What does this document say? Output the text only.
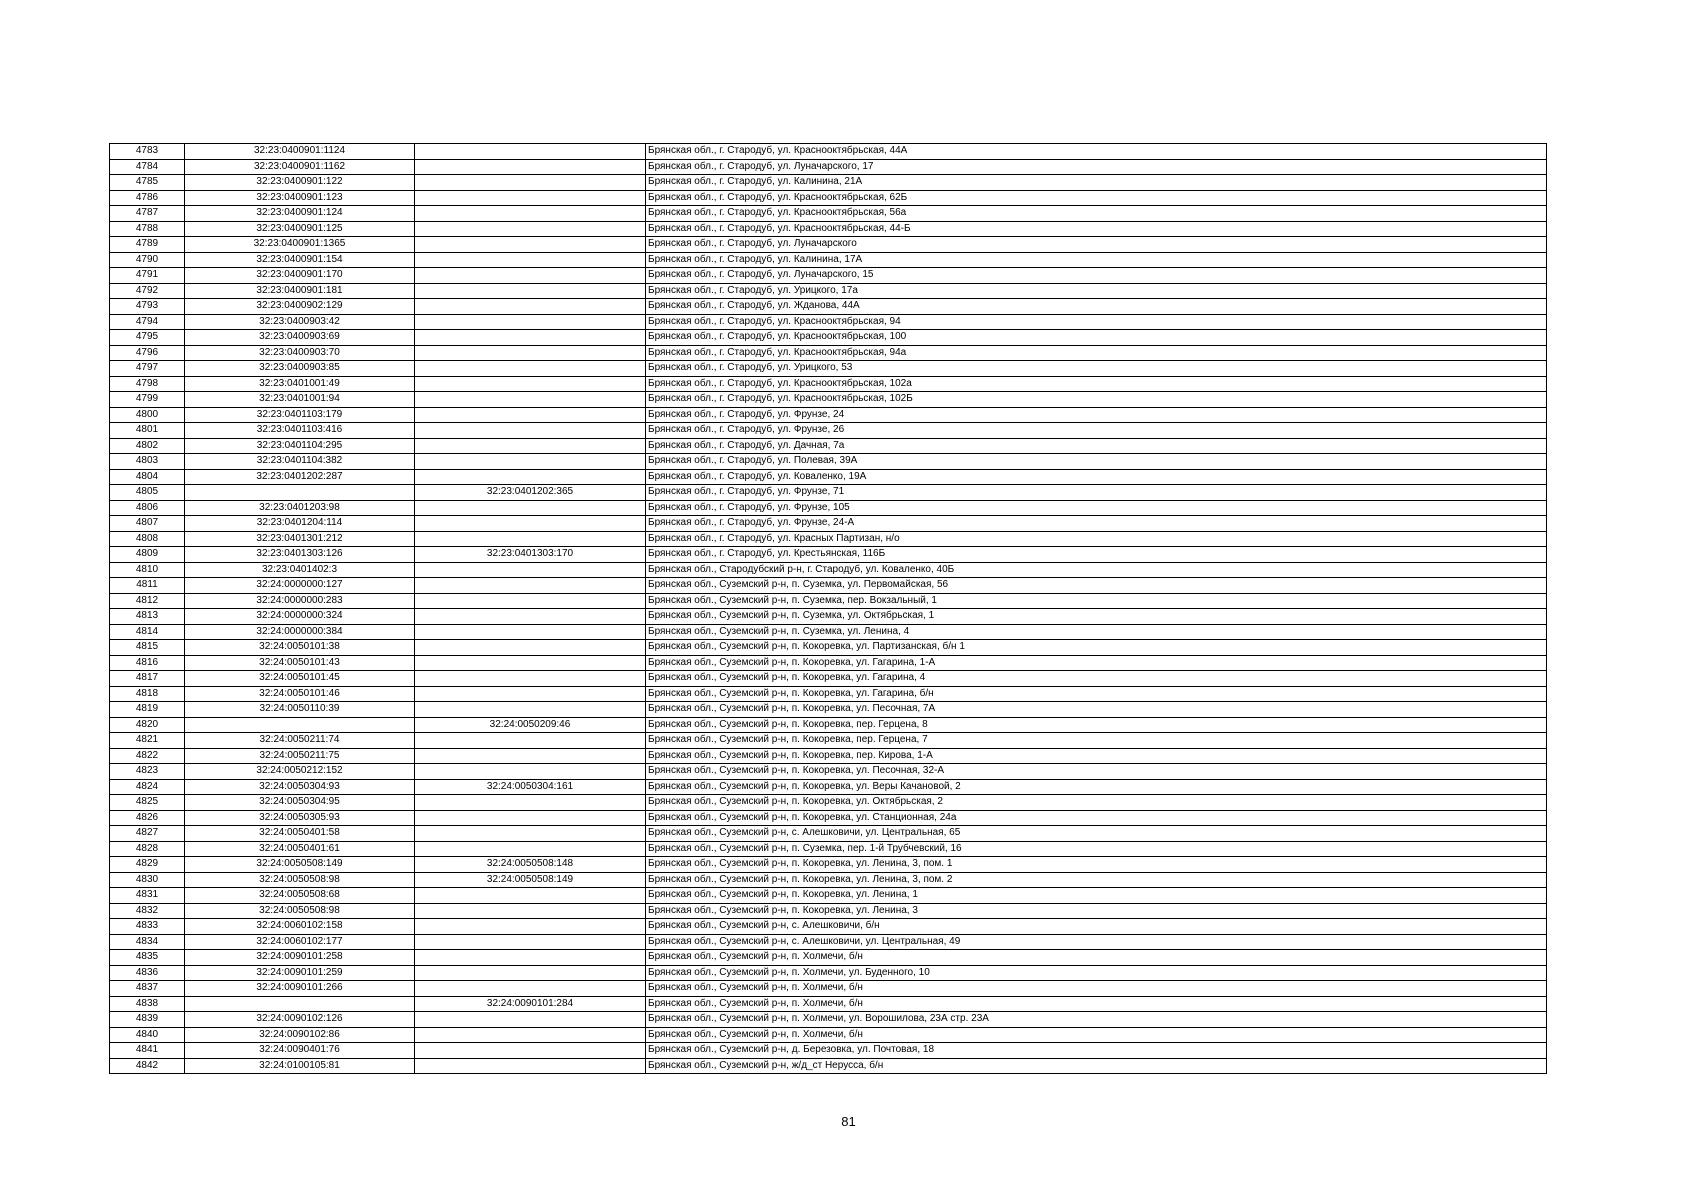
4783	32:23:0400901:1124		Брянская обл., г. Стародуб, ул. Краснооктябрьская, 44А
4784	32:23:0400901:1162		Брянская обл., г. Стародуб, ул. Луначарского, 17
4785	32:23:0400901:122		Брянская обл., г. Стародуб, ул. Калинина, 21А
4786	32:23:0400901:123		Брянская обл., г. Стародуб, ул. Краснооктябрьская, 62Б
4787	32:23:0400901:124		Брянская обл., г. Стародуб, ул. Краснооктябрьская, 56а
4788	32:23:0400901:125		Брянская обл., г. Стародуб, ул. Краснооктябрьская, 44-Б
4789	32:23:0400901:1365		Брянская обл., г. Стародуб, ул. Луначарского
4790	32:23:0400901:154		Брянская обл., г. Стародуб, ул. Калинина, 17А
4791	32:23:0400901:170		Брянская обл., г. Стародуб, ул. Луначарского, 15
4792	32:23:0400901:181		Брянская обл., г. Стародуб, ул. Урицкого, 17а
4793	32:23:0400902:129		Брянская обл., г. Стародуб, ул. Жданова, 44А
4794	32:23:0400903:42		Брянская обл., г. Стародуб, ул. Краснооктябрьская, 94
4795	32:23:0400903:69		Брянская обл., г. Стародуб, ул. Краснооктябрьская, 100
4796	32:23:0400903:70		Брянская обл., г. Стародуб, ул. Краснооктябрьская, 94а
4797	32:23:0400903:85		Брянская обл., г. Стародуб, ул. Урицкого, 53
4798	32:23:0401001:49		Брянская обл., г. Стародуб, ул. Краснооктябрьская, 102а
4799	32:23:0401001:94		Брянская обл., г. Стародуб, ул. Краснооктябрьская, 102Б
4800	32:23:0401103:179		Брянская обл., г. Стародуб, ул. Фрунзе, 24
4801	32:23:0401103:416		Брянская обл., г. Стародуб, ул. Фрунзе, 26
4802	32:23:0401104:295		Брянская обл., г. Стародуб, ул. Дачная, 7а
4803	32:23:0401104:382		Брянская обл., г. Стародуб, ул. Полевая, 39А
4804	32:23:0401202:287		Брянская обл., г. Стародуб, ул. Коваленко, 19А
4805		32:23:0401202:365	Брянская обл., г. Стародуб, ул. Фрунзе, 71
4806	32:23:0401203:98		Брянская обл., г. Стародуб, ул. Фрунзе, 105
4807	32:23:0401204:114		Брянская обл., г. Стародуб, ул. Фрунзе, 24-А
4808	32:23:0401301:212		Брянская обл., г. Стародуб, ул. Красных Партизан, н/о
4809	32:23:0401303:126	32:23:0401303:170	Брянская обл., г. Стародуб, ул. Крестьянская, 116Б
4810	32:23:0401402:3		Брянская обл., Стародубский р-н, г. Стародуб, ул. Коваленко, 40Б
4811	32:24:0000000:127		Брянская обл., Суземский р-н, п. Суземка, ул. Первомайская, 56
4812	32:24:0000000:283		Брянская обл., Суземский р-н, п. Суземка, пер. Вокзальный, 1
4813	32:24:0000000:324		Брянская обл., Суземский р-н, п. Суземка, ул. Октябрьская, 1
4814	32:24:0000000:384		Брянская обл., Суземский р-н, п. Суземка, ул. Ленина, 4
4815	32:24:0050101:38		Брянская обл., Суземский р-н, п. Кокоревка, ул. Партизанская, б/н 1
4816	32:24:0050101:43		Брянская обл., Суземский р-н, п. Кокоревка, ул. Гагарина, 1-А
4817	32:24:0050101:45		Брянская обл., Суземский р-н, п. Кокоревка, ул. Гагарина, 4
4818	32:24:0050101:46		Брянская обл., Суземский р-н, п. Кокоревка, ул. Гагарина, б/н
4819	32:24:0050110:39		Брянская обл., Суземский р-н, п. Кокоревка, ул. Песочная, 7А
4820		32:24:0050209:46	Брянская обл., Суземский р-н, п. Кокоревка, пер. Герцена, 8
4821	32:24:0050211:74		Брянская обл., Суземский р-н, п. Кокоревка, пер. Герцена, 7
4822	32:24:0050211:75		Брянская обл., Суземский р-н, п. Кокоревка, пер. Кирова, 1-А
4823	32:24:0050212:152		Брянская обл., Суземский р-н, п. Кокоревка, ул. Песочная, 32-А
4824	32:24:0050304:93	32:24:0050304:161	Брянская обл., Суземский р-н, п. Кокоревка, ул. Веры Качановой, 2
4825	32:24:0050304:95		Брянская обл., Суземский р-н, п. Кокоревка, ул. Октябрьская, 2
4826	32:24:0050305:93		Брянская обл., Суземский р-н, п. Кокоревка, ул. Станционная, 24а
4827	32:24:0050401:58		Брянская обл., Суземский р-н, с. Алешковичи, ул. Центральная, 65
4828	32:24:0050401:61		Брянская обл., Суземский р-н, п. Суземка, пер. 1-й Трубчевский, 16
4829	32:24:0050508:149	32:24:0050508:148	Брянская обл., Суземский р-н, п. Кокоревка, ул. Ленина, 3, пом. 1
4830	32:24:0050508:98	32:24:0050508:149	Брянская обл., Суземский р-н, п. Кокоревка, ул. Ленина, 3, пом. 2
4831	32:24:0050508:68		Брянская обл., Суземский р-н, п. Кокоревка, ул. Ленина, 1
4832	32:24:0050508:98		Брянская обл., Суземский р-н, п. Кокоревка, ул. Ленина, 3
4833	32:24:0060102:158		Брянская обл., Суземский р-н, с. Алешковичи, б/н
4834	32:24:0060102:177		Брянская обл., Суземский р-н, с. Алешковичи, ул. Центральная, 49
4835	32:24:0090101:258		Брянская обл., Суземский р-н, п. Холмечи, б/н
4836	32:24:0090101:259		Брянская обл., Суземский р-н, п. Холмечи, ул. Буденного, 10
4837	32:24:0090101:266		Брянская обл., Суземский р-н, п. Холмечи, б/н
4838		32:24:0090101:284	Брянская обл., Суземский р-н, п. Холмечи, б/н
4839	32:24:0090102:126		Брянская обл., Суземский р-н, п. Холмечи, ул. Ворошилова, 23А стр. 23А
4840	32:24:0090102:86		Брянская обл., Суземский р-н, п. Холмечи, б/н
4841	32:24:0090401:76		Брянская обл., Суземский р-н, д. Березовка, ул. Почтовая, 18
4842	32:24:0100105:81		Брянская обл., Суземский р-н, ж/д_ст Нерусса, б/н
81
